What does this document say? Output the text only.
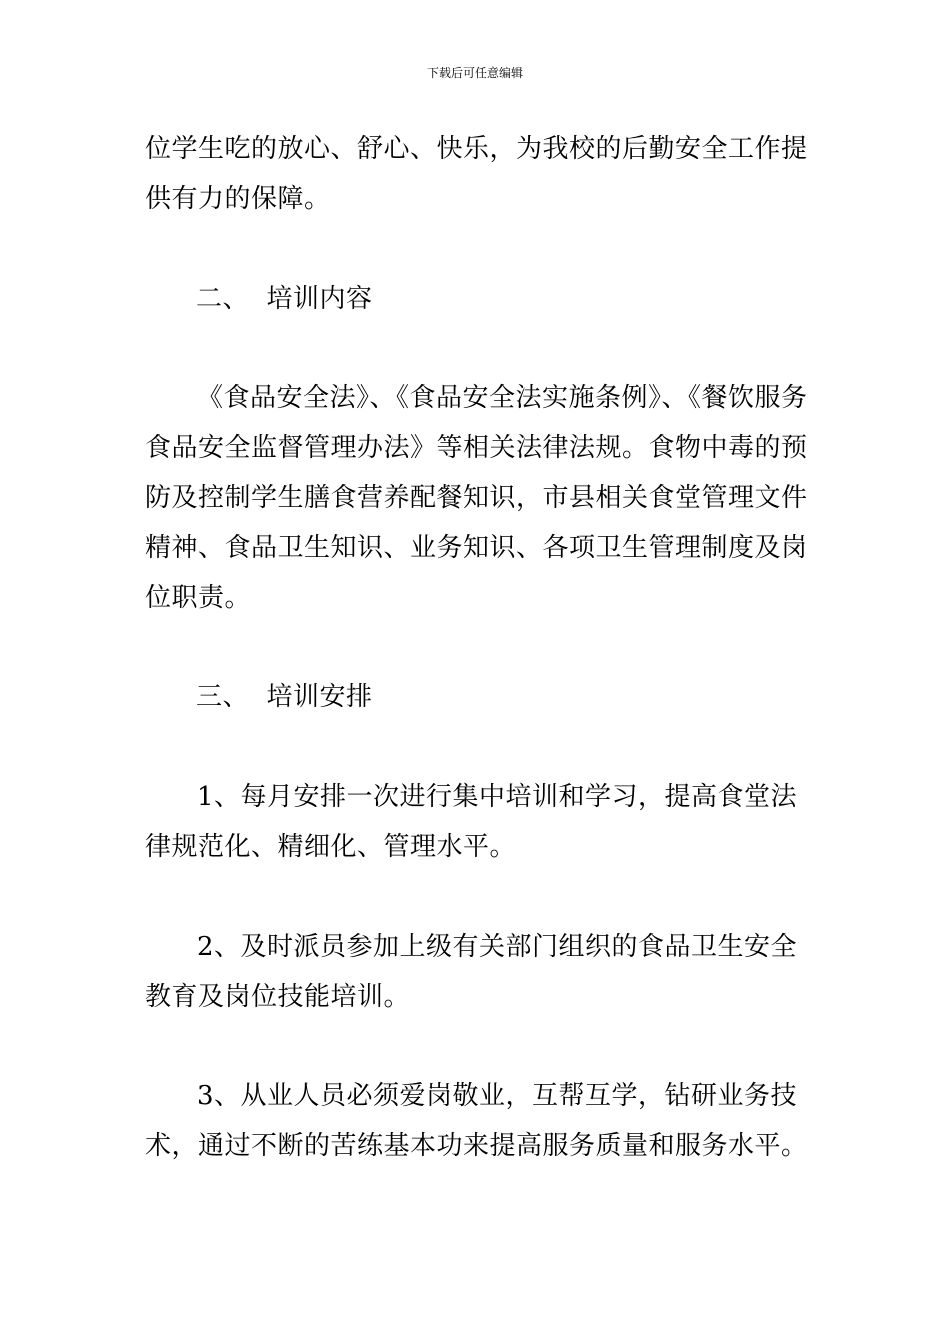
下载后可任意编辑

位学生吃的放心、舒心、快乐，为我校的后勤安全工作提供有力的保障。

二、  培训内容

《食品安全法》、《食品安全法实施条例》、《餐饮服务食品安全监督管理办法》等相关法律法规。食物中毒的预防及控制学生膳食营养配餐知识，市县相关食堂管理文件精神、食品卫生知识、业务知识、各项卫生管理制度及岗位职责。

三、  培训安排

1、每月安排一次进行集中培训和学习，提高食堂法律规范化、精细化、管理水平。

2、及时派员参加上级有关部门组织的食品卫生安全教育及岗位技能培训。

3、从业人员必须爱岗敬业，互帮互学，钻研业务技术，通过不断的苦练基本功来提高服务质量和服务水平。
